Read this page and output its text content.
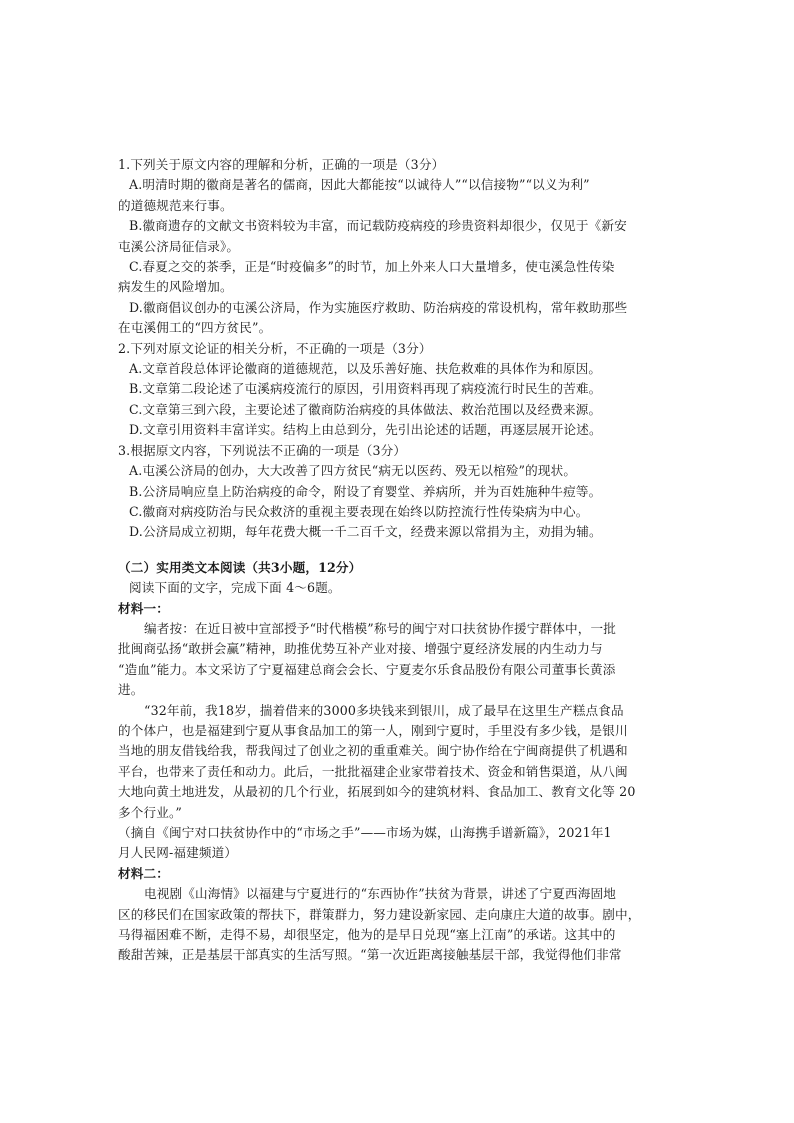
1.下列关于原文内容的理解和分析，正确的一项是（3分）
A.明清时期的徽商是著名的儒商，因此大都能按“以诚待人”“以信接物”“以义为利”
的道德规范来行事。
B.徽商遗存的文献文书资料较为丰富，而记载防疫病疫的珍贵资料却很少，仅见于《新安
屯溪公济局征信录》。
C.春夏之交的茶季，正是“时疫偏多”的时节，加上外来人口大量增多，使屯溪急性传染
病发生的风险增加。
D.徽商倡议创办的屯溪公济局，作为实施医疗救助、防治病疫的常设机构，常年救助那些
在屯溪佣工的“四方贫民”。
2.下列对原文论证的相关分析，不正确的一项是（3分）
A.文章首段总体评论徽商的道德规范，以及乐善好施、扶危救难的具体作为和原因。
B.文章第二段论述了屯溪病疫流行的原因，引用资料再现了病疫流行时民生的苦难。
C.文章第三到六段，主要论述了徽商防治病疫的具体做法、救治范围以及经费来源。
D.文章引用资料丰富详实。结构上由总到分，先引出论述的话题，再逐层展开论述。
3.根据原文内容，下列说法不正确的一项是（3分）
A.屯溪公济局的创办，大大改善了四方贫民“病无以医药、殁无以棺殓”的现状。
B.公济局响应皇上防治病疫的命令，附设了育婴堂、养病所，并为百姓施种牛痘等。
C.徽商对病疫防治与民众救济的重视主要表现在始终以防控流行性传染病为中心。
D.公济局成立初期，每年花费大概一千二百千文，经费来源以常捐为主，劝捐为辅。
（二）实用类文本阅读（共3小题，12分）
阅读下面的文字，完成下面 4～6题。
材料一：
编者按：在近日被中宣部授予“时代楷模”称号的闽宁对口扶贫协作援宁群体中，一批
批闽商弘扬“敢拼会赢”精神，助推优势互补产业对接、增强宁夏经济发展的内生动力与
“造血”能力。本文采访了宁夏福建总商会会长、宁夏麦尔乐食品股份有限公司董事长黄添
进。
“32年前，我18岁，揣着借来的3000多块钱来到银川，成了最早在这里生产糕点食品
的个体户，也是福建到宁夏从事食品加工的第一人，刚到宁夏时，手里没有多少钱，是银川
当地的朋友借钱给我，帮我闯过了创业之初的重重难关。闽宁协作给在宁闽商提供了机遇和
平台，也带来了责任和动力。此后，一批批福建企业家带着技术、资金和销售渠道，从八闽
大地向黄土地进发，从最初的几个行业，拓展到如今的建筑材料、食品加工、教育文化等 20
多个行业。”
（摘自《闽宁对口扶贫协作中的“市场之手”——市场为媒，山海携手谱新篇》，2021年1
月人民网-福建频道）
材料二：
电视剧《山海情》以福建与宁夏进行的“东西协作”扶贫为背景，讲述了宁夏西海固地
区的移民们在国家政策的帮扶下，群策群力，努力建设新家园、走向康庄大道的故事。剧中，
马得福困难不断，走得不易，却很坚定，他为的是早日兑现“塞上江南”的承诺。这其中的
酸甜苦辣，正是基层干部真实的生活写照。“第一次近距离接触基层干部，我觉得他们非常
